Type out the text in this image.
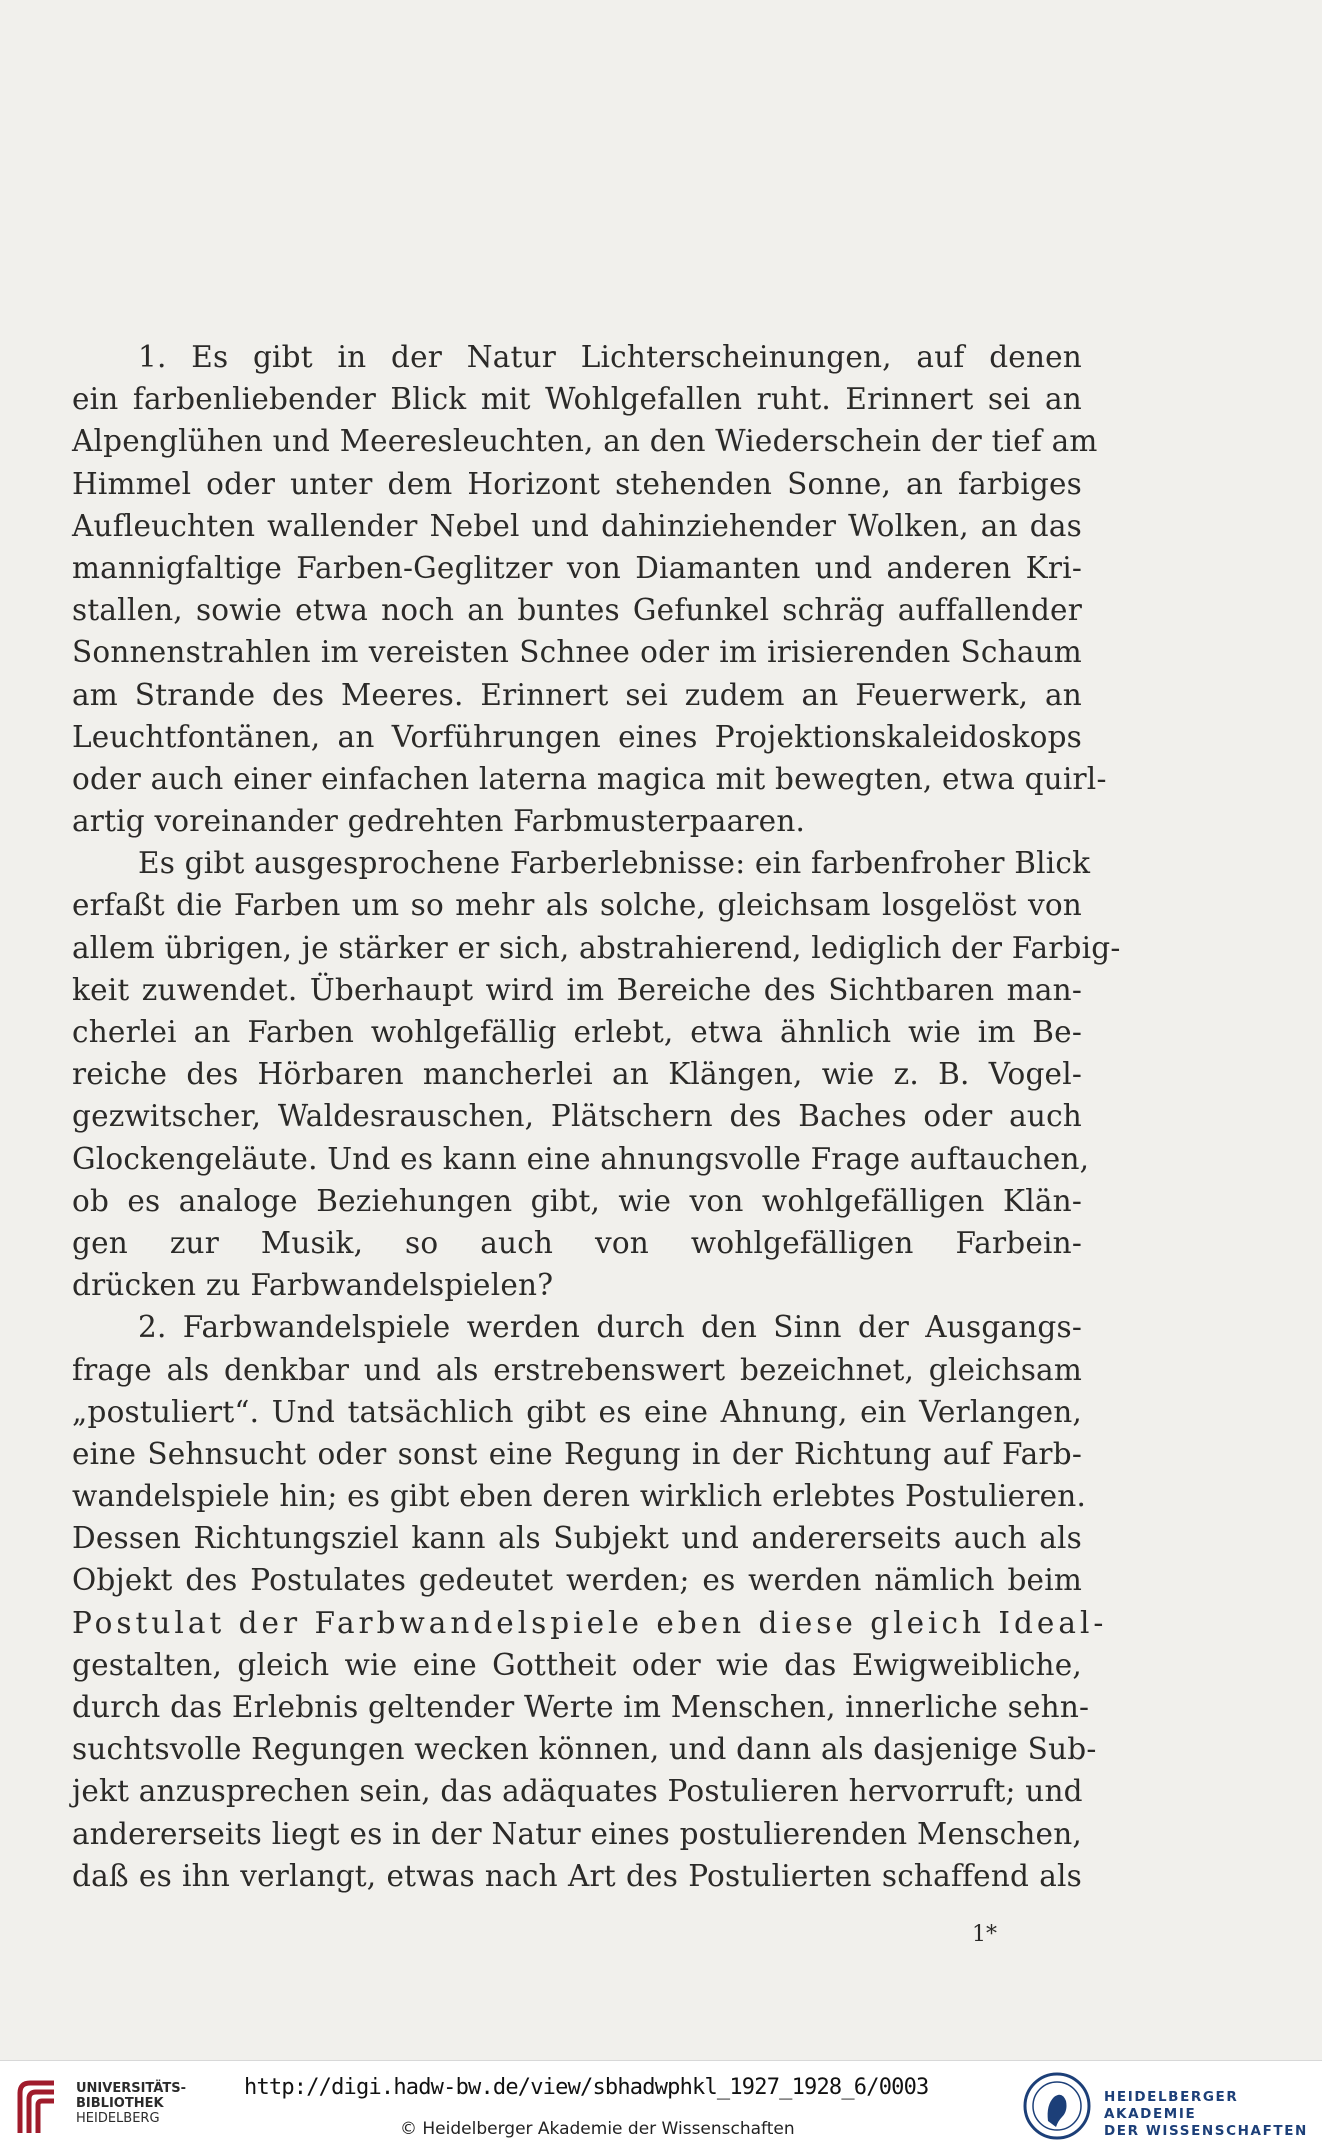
1. Es gibt in der Natur Lichterscheinungen, auf denen
ein farbenliebender Blick mit Wohlgefallen ruht. Erinnert sei an
Alpenglühen und Meeresleuchten, an den Wiederschein der tief am
Himmel oder unter dem Horizont stehenden Sonne, an farbiges
Aufleuchten wallender Nebel und dahinziehender Wolken, an das
mannigfaltige Farben-Geglitzer von Diamanten und anderen Kri-
stallen, sowie etwa noch an buntes Gefunkel schräg auffallender
Sonnenstrahlen im vereisten Schnee oder im irisierenden Schaum
am Strande des Meeres. Erinnert sei zudem an Feuerwerk, an
Leuchtfontänen, an Vorführungen eines Projektionskaleidoskops
oder auch einer einfachen laterna magica mit bewegten, etwa quirl-
artig voreinander gedrehten Farbmusterpaaren.
Es gibt ausgesprochene Farberlebnisse: ein farbenfroher Blick
erfaßt die Farben um so mehr als solche, gleichsam losgelöst von
allem übrigen, je stärker er sich, abstrahierend, lediglich der Farbig-
keit zuwendet. Überhaupt wird im Bereiche des Sichtbaren man-
cherlei an Farben wohlgefällig erlebt, etwa ähnlich wie im Be-
reiche des Hörbaren mancherlei an Klängen, wie z. B. Vogel-
gezwitscher, Waldesrauschen, Plätschern des Baches oder auch
Glockengeläute. Und es kann eine ahnungsvolle Frage auftauchen,
ob es analoge Beziehungen gibt, wie von wohlgefälligen Klän-
gen zur Musik, so auch von wohlgefälligen Farbein-
drücken zu Farbwandelspielen?
2. Farbwandelspiele werden durch den Sinn der Ausgangs-
frage als denkbar und als erstrebenswert bezeichnet, gleichsam
„postuliert“. Und tatsächlich gibt es eine Ahnung, ein Verlangen,
eine Sehnsucht oder sonst eine Regung in der Richtung auf Farb-
wandelspiele hin; es gibt eben deren wirklich erlebtes Postulieren.
Dessen Richtungsziel kann als Subjekt und andererseits auch als
Objekt des Postulates gedeutet werden; es werden nämlich beim
Postulat der Farbwandelspiele eben diese gleich Ideal-
gestalten, gleich wie eine Gottheit oder wie das Ewigweibliche,
durch das Erlebnis geltender Werte im Menschen, innerliche sehn-
suchtsvolle Regungen wecken können, und dann als dasjenige Sub-
jekt anzusprechen sein, das adäquates Postulieren hervorruft; und
andererseits liegt es in der Natur eines postulierenden Menschen,
daß es ihn verlangt, etwas nach Art des Postulierten schaffend als
1*
UNIVERSITÄTS-
BIBLIOTHEK
HEIDELBERG
http://digi.hadw-bw.de/view/sbhadwphkl_1927_1928_6/0003
© Heidelberger Akademie der Wissenschaften
HEIDELBERGER AKADEMIE
DER WISSENSCHAFTEN
